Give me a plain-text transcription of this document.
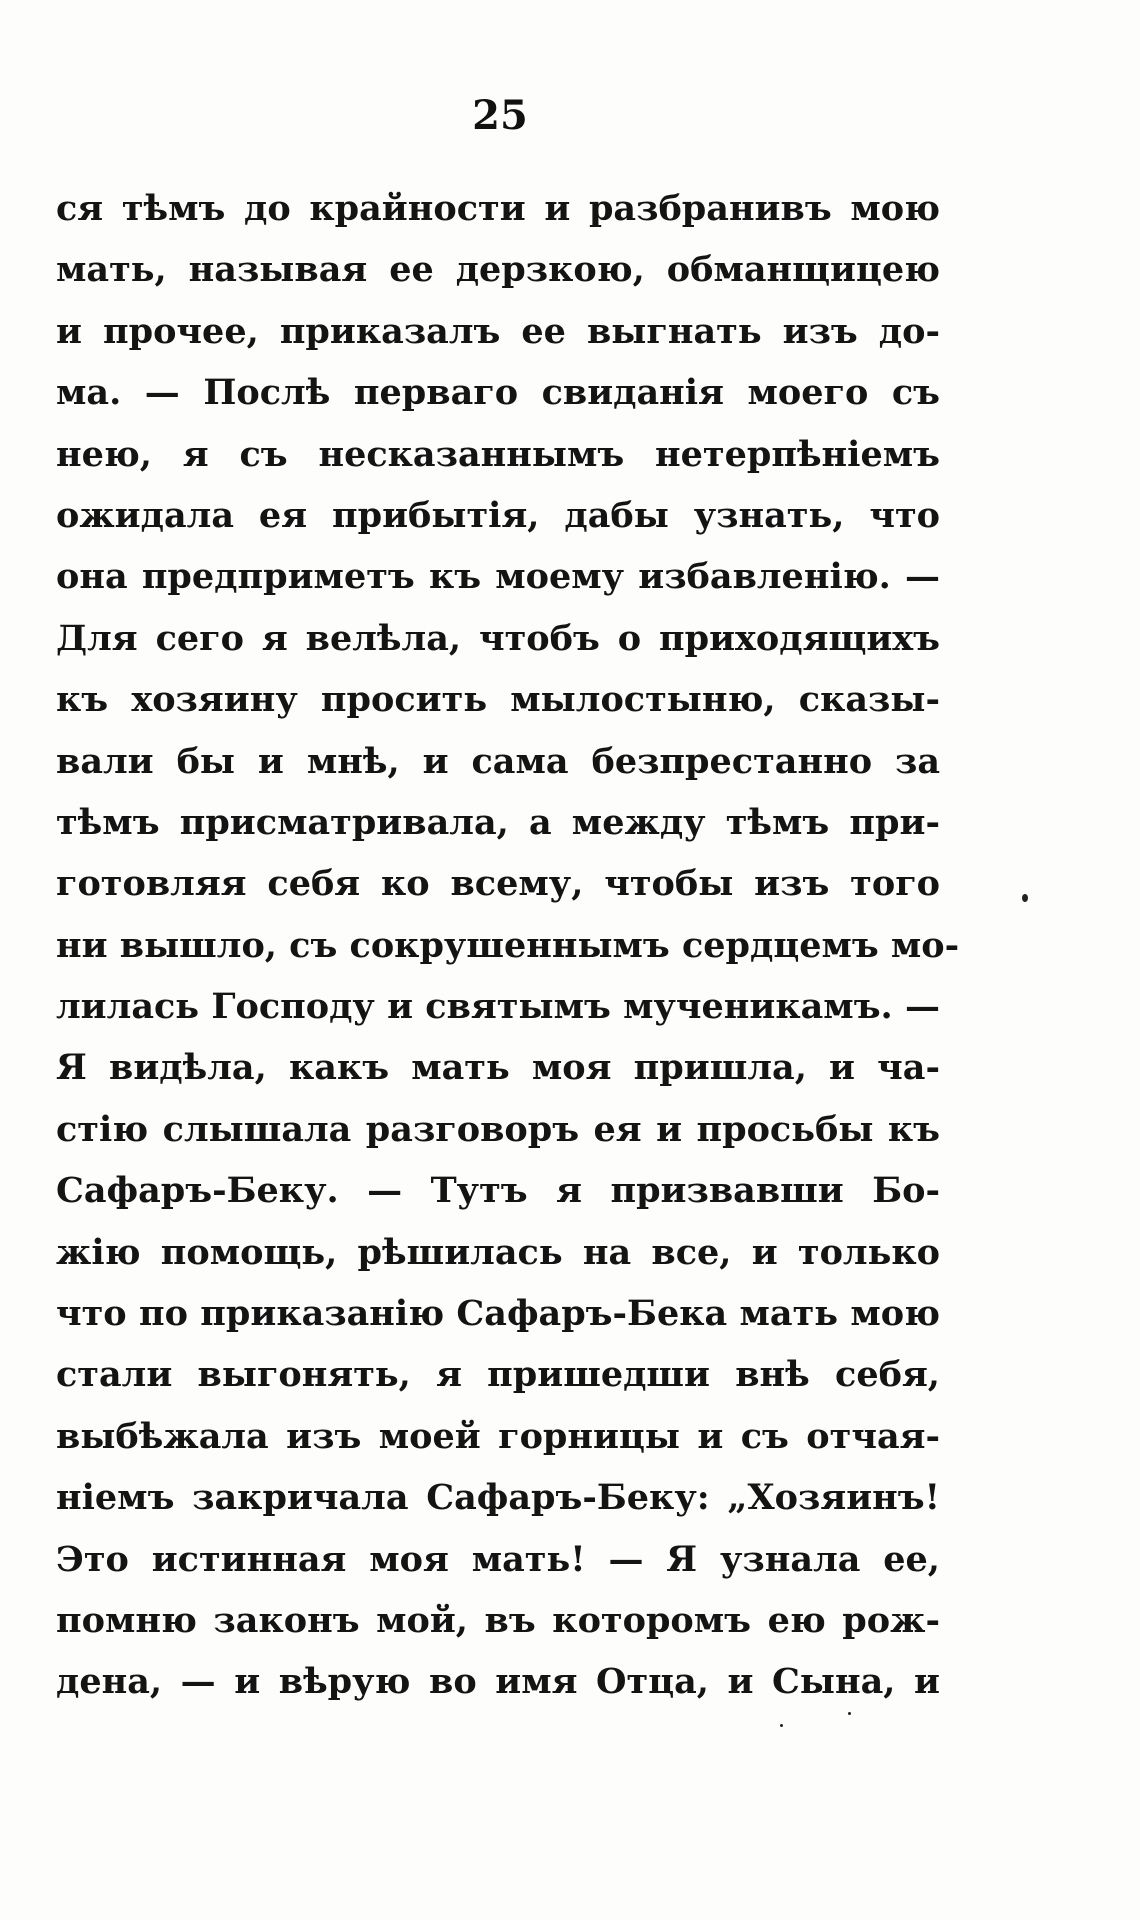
25
ся тѣмъ до крайности и разбранивъ мою
мать, называя ее дерзкою, обманщицею
и прочее, приказалъ ее выгнать изъ до-
ма. — Послѣ перваго свиданія моего съ
нею, я съ несказаннымъ нетерпѣніемъ
ожидала ея прибытія, дабы узнать, что
она предприметъ къ моему избавленію. —
Для сего я велѣла, чтобъ о приходящихъ
къ хозяину просить мылостыню, сказы-
вали бы и мнѣ, и сама безпрестанно за
тѣмъ присматривала, а между тѣмъ при-
готовляя себя ко всему, чтобы изъ того
ни вышло, съ сокрушеннымъ сердцемъ мо-
лилась Господу и святымъ мученикамъ. —
Я видѣла, какъ мать моя пришла, и ча-
стію слышала разговоръ ея и просьбы къ
Сафаръ-Беку. — Тутъ я призвавши Бо-
жію помощь, рѣшилась на все, и только
что по приказанію Сафаръ-Бека мать мою
стали выгонять, я пришедши внѣ себя,
выбѣжала изъ моей горницы и съ отчая-
ніемъ закричала Сафаръ-Беку: „Хозяинъ!
Это истинная моя мать! — Я узнала ее,
помню законъ мой, въ которомъ ею рож-
дена, — и вѣрую во имя Отца, и Сына, и
